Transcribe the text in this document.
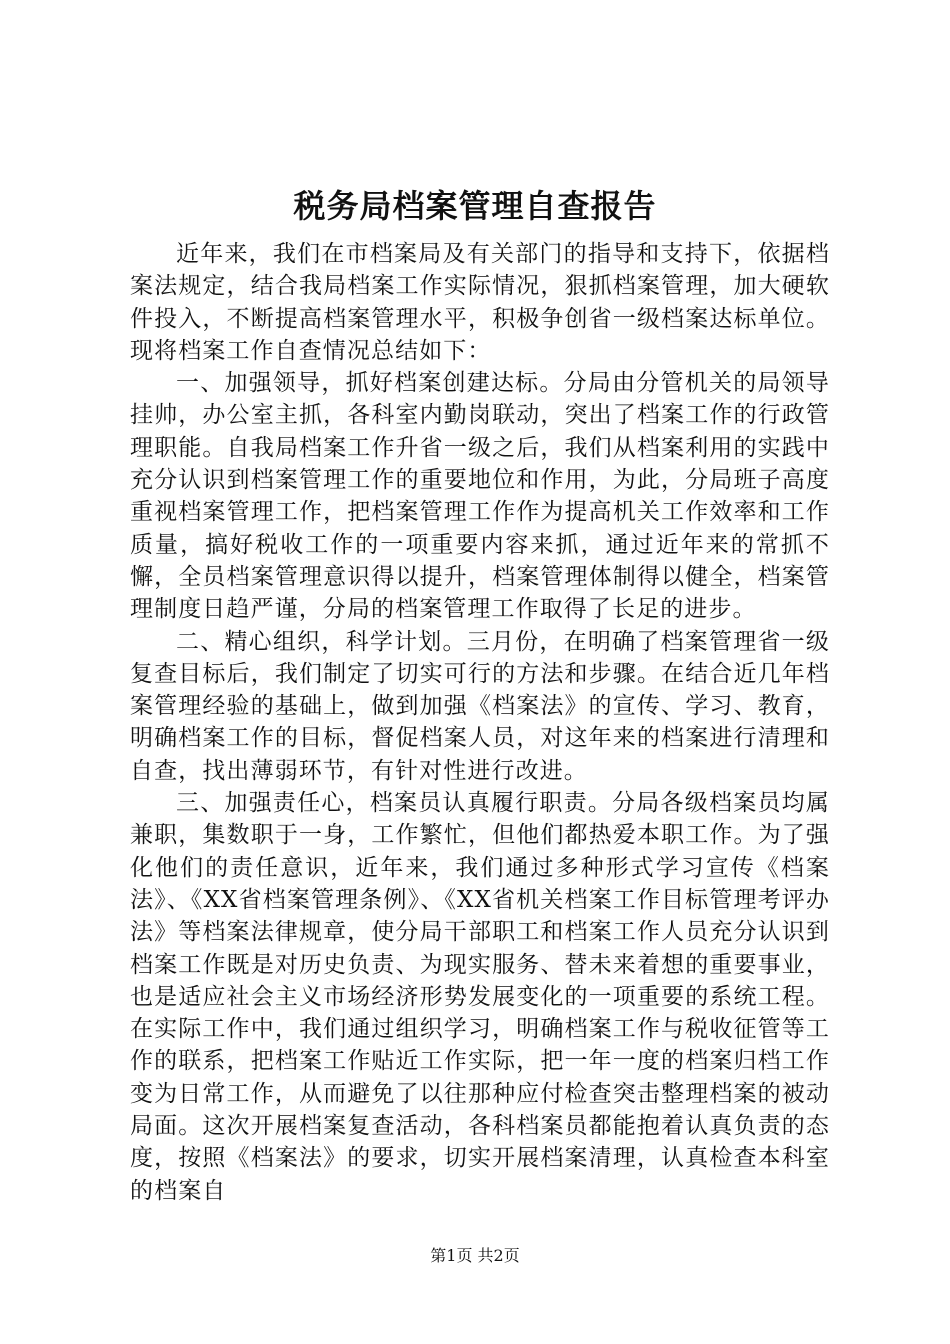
税务局档案管理自查报告

近年来，我们在市档案局及有关部门的指导和支持下，依据档案法规定，结合我局档案工作实际情况，狠抓档案管理，加大硬软件投入，不断提高档案管理水平，积极争创省一级档案达标单位。现将档案工作自查情况总结如下：

一、加强领导，抓好档案创建达标。分局由分管机关的局领导挂帅，办公室主抓，各科室内勤岗联动，突出了档案工作的行政管理职能。自我局档案工作升省一级之后，我们从档案利用的实践中充分认识到档案管理工作的重要地位和作用，为此，分局班子高度重视档案管理工作，把档案管理工作作为提高机关工作效率和工作质量，搞好税收工作的一项重要内容来抓，通过近年来的常抓不懈，全员档案管理意识得以提升，档案管理体制得以健全，档案管理制度日趋严谨，分局的档案管理工作取得了长足的进步。

二、精心组织，科学计划。三月份，在明确了档案管理省一级复查目标后，我们制定了切实可行的方法和步骤。在结合近几年档案管理经验的基础上，做到加强《档案法》的宣传、学习、教育，明确档案工作的目标，督促档案人员，对这年来的档案进行清理和自查，找出薄弱环节，有针对性进行改进。

三、加强责任心，档案员认真履行职责。分局各级档案员均属兼职，集数职于一身，工作繁忙，但他们都热爱本职工作。为了强化他们的责任意识，近年来，我们通过多种形式学习宣传《档案法》、《XX省档案管理条例》、《XX省机关档案工作目标管理考评办法》等档案法律规章，使分局干部职工和档案工作人员充分认识到档案工作既是对历史负责、为现实服务、替未来着想的重要事业，也是适应社会主义市场经济形势发展变化的一项重要的系统工程。在实际工作中，我们通过组织学习，明确档案工作与税收征管等工作的联系，把档案工作贴近工作实际，把一年一度的档案归档工作变为日常工作，从而避免了以往那种应付检查突击整理档案的被动局面。这次开展档案复查活动，各科档案员都能抱着认真负责的态度，按照《档案法》的要求，切实开展档案清理，认真检查本科室的档案自

第1页 共2页
